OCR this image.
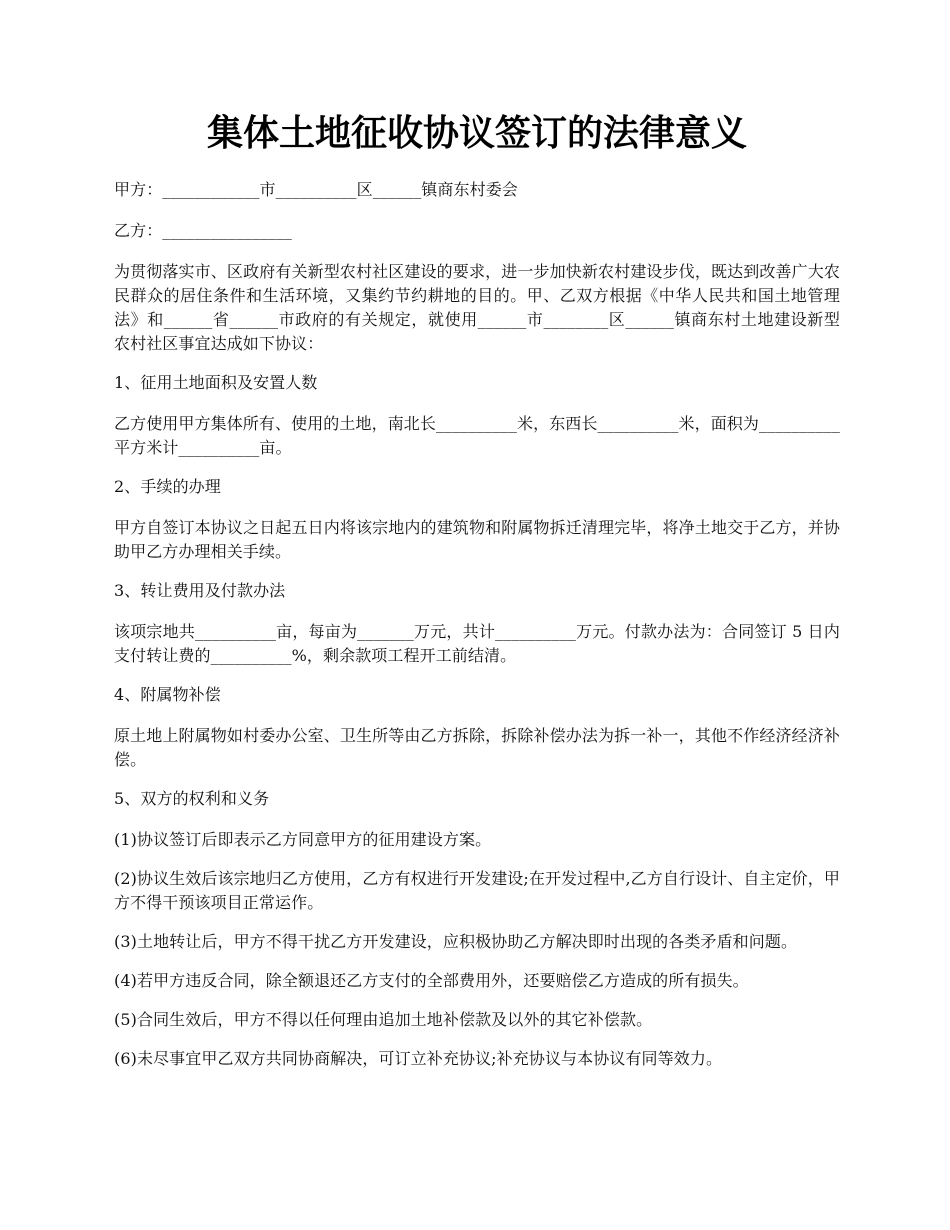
集体土地征收协议签订的法律意义

甲方：____________市__________区______镇商东村委会

乙方：________________

为贯彻落实市、区政府有关新型农村社区建设的要求，进一步加快新农村建设步伐，既达到改善广大农民群众的居住条件和生活环境，又集约节约耕地的目的。甲、乙双方根据《中华人民共和国土地管理法》和______省______市政府的有关规定，就使用______市________区______镇商东村土地建设新型农村社区事宜达成如下协议：

1、征用土地面积及安置人数

乙方使用甲方集体所有、使用的土地，南北长__________米，东西长__________米，面积为__________平方米计__________亩。

2、手续的办理

甲方自签订本协议之日起五日内将该宗地内的建筑物和附属物拆迁清理完毕，将净土地交于乙方，并协助甲乙方办理相关手续。

3、转让费用及付款办法

该项宗地共__________亩，每亩为_______万元，共计__________万元。付款办法为：合同签订 5 日内支付转让费的__________%，剩余款项工程开工前结清。

4、附属物补偿

原土地上附属物如村委办公室、卫生所等由乙方拆除，拆除补偿办法为拆一补一，其他不作经济经济补偿。

5、双方的权利和义务

(1)协议签订后即表示乙方同意甲方的征用建设方案。

(2)协议生效后该宗地归乙方使用，乙方有权进行开发建设;在开发过程中,乙方自行设计、自主定价，甲方不得干预该项目正常运作。

(3)土地转让后，甲方不得干扰乙方开发建设，应积极协助乙方解决即时出现的各类矛盾和问题。

(4)若甲方违反合同，除全额退还乙方支付的全部费用外，还要赔偿乙方造成的所有损失。

(5)合同生效后，甲方不得以任何理由追加土地补偿款及以外的其它补偿款。

(6)未尽事宜甲乙双方共同协商解决，可订立补充协议;补充协议与本协议有同等效力。
